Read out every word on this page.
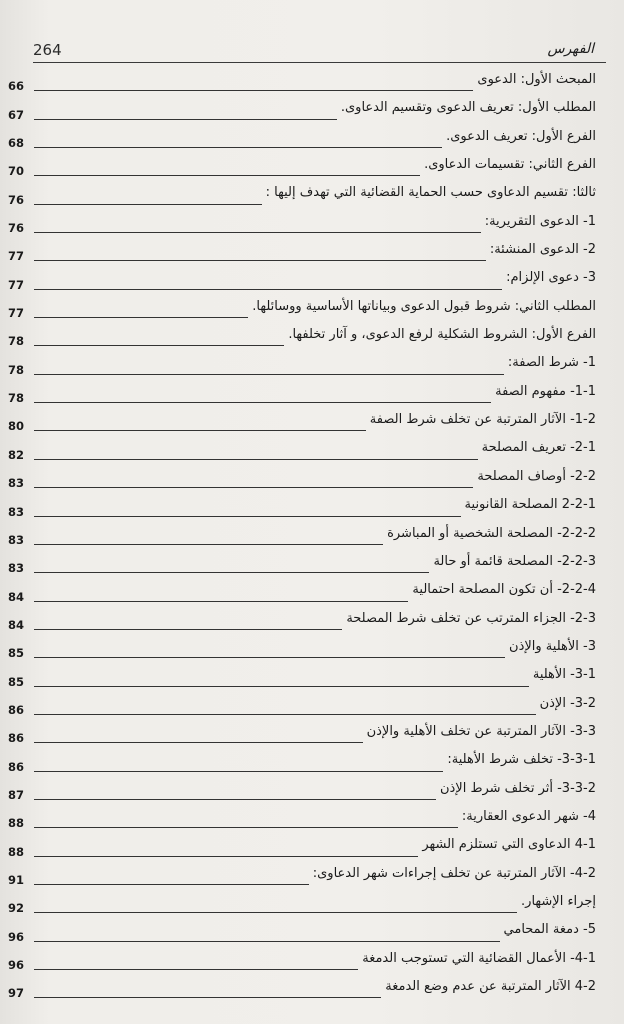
264	الفهرس
66	المبحث الأول: الدعوى
67	المطلب الأول: تعريف الدعوى وتقسيم الدعاوى.
68	الفرع الأول: تعريف الدعوى.
70	الفرع الثاني: تقسيمات الدعاوى.
76	ثالثا: تقسيم الدعاوى حسب الحماية القضائية التي تهدف إليها :
76	1- الدعوى التقريرية:
77	2- الدعوى المنشئة:
77	3- دعوى الإلزام:
77	المطلب الثاني: شروط قبول الدعوى وبياناتها الأساسية ووسائلها.
78	الفرع الأول: الشروط الشكلية لرفع الدعوى، و آثار تخلفها.
78	1- شرط الصفة:
78	1-1- مفهوم الصفة
80	1-2- الآثار المترتبة عن تخلف شرط الصفة
82	2-1- تعريف المصلحة
83	2-2- أوصاف المصلحة
83	2-2-1 المصلحة القانونية
83	2-2-2- المصلحة الشخصية أو المباشرة
83	2-2-3- المصلحة قائمة أو حالة
84	2-2-4- أن تكون المصلحة احتمالية
84	2-3- الجزاء المترتب عن تخلف شرط المصلحة
85	3- الأهلية والإذن
85	3-1- الأهلية
86	3-2- الإذن
86	3-3- الآثار المترتبة عن تخلف الأهلية والإذن
86	3-3-1- تخلف شرط الأهلية:
87	3-3-2- أثر تخلف شرط الإذن
88	4- شهر الدعوى العقارية:
88	4-1 الدعاوى التي تستلزم الشهر
91	4-2- الآثار المترتبة عن تخلف إجراءات شهر الدعاوى:
92	إجراء الإشهار.
96	5- دمغة المحامي
96	4-1- الأعمال القضائية التي تستوجب الدمغة
97	4-2 الآثار المترتبة عن عدم وضع الدمغة
